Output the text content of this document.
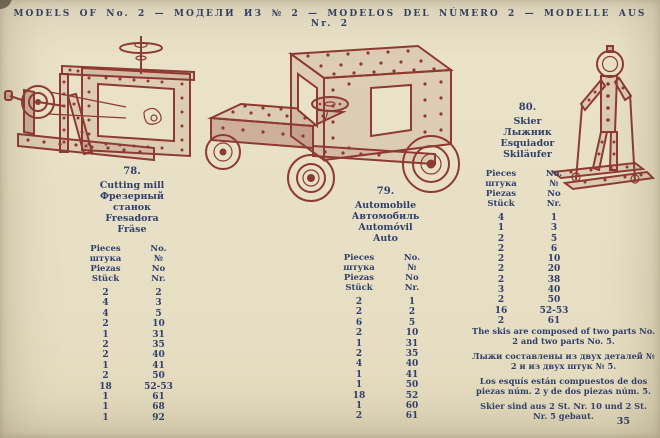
MODELS OF No. 2 — МОДЕЛИ ИЗ № 2 — MODELOS DEL NÚMERO 2 — MODELLE AUS Nr. 2
78.
Cutting mill
Фрезерный
станок
Fresadora
Fräse
Pieces	No.
штука	№
Piezas	No
Stück	Nr.
2	2
4	3
4	5
2	10
1	31
2	35
2	40
1	41
2	50
18	52-53
1	61
1	68
1	92
79.
Automobile
Автомобиль
Automóvil
Auto
Pieces	No.
штука	№
Piezas	No
Stück	Nr.
2	1
2	2
6	5
2	10
1	31
2	35
4	40
1	41
1	50
18	52
1	60
2	61
80.
Skier
Лыжник
Esquiador
Skiläufer
Pieces	No.
штука	№
Piezas	No
Stück	Nr.
4	1
1	3
2	5
2	6
2	10
2	20
2	38
3	40
2	50
16	52-53
2	61
The skis are composed of two parts No. 2 and two parts No. 5.
Лыжи составлены из двух деталей № 2 и из двух штук № 5.
Los esquís están compuestos de dos piezas núm. 2 y de dos piezas núm. 5.
Skier sind aus 2 St. Nr. 10 und 2 St. Nr. 5 gebaut.	35
